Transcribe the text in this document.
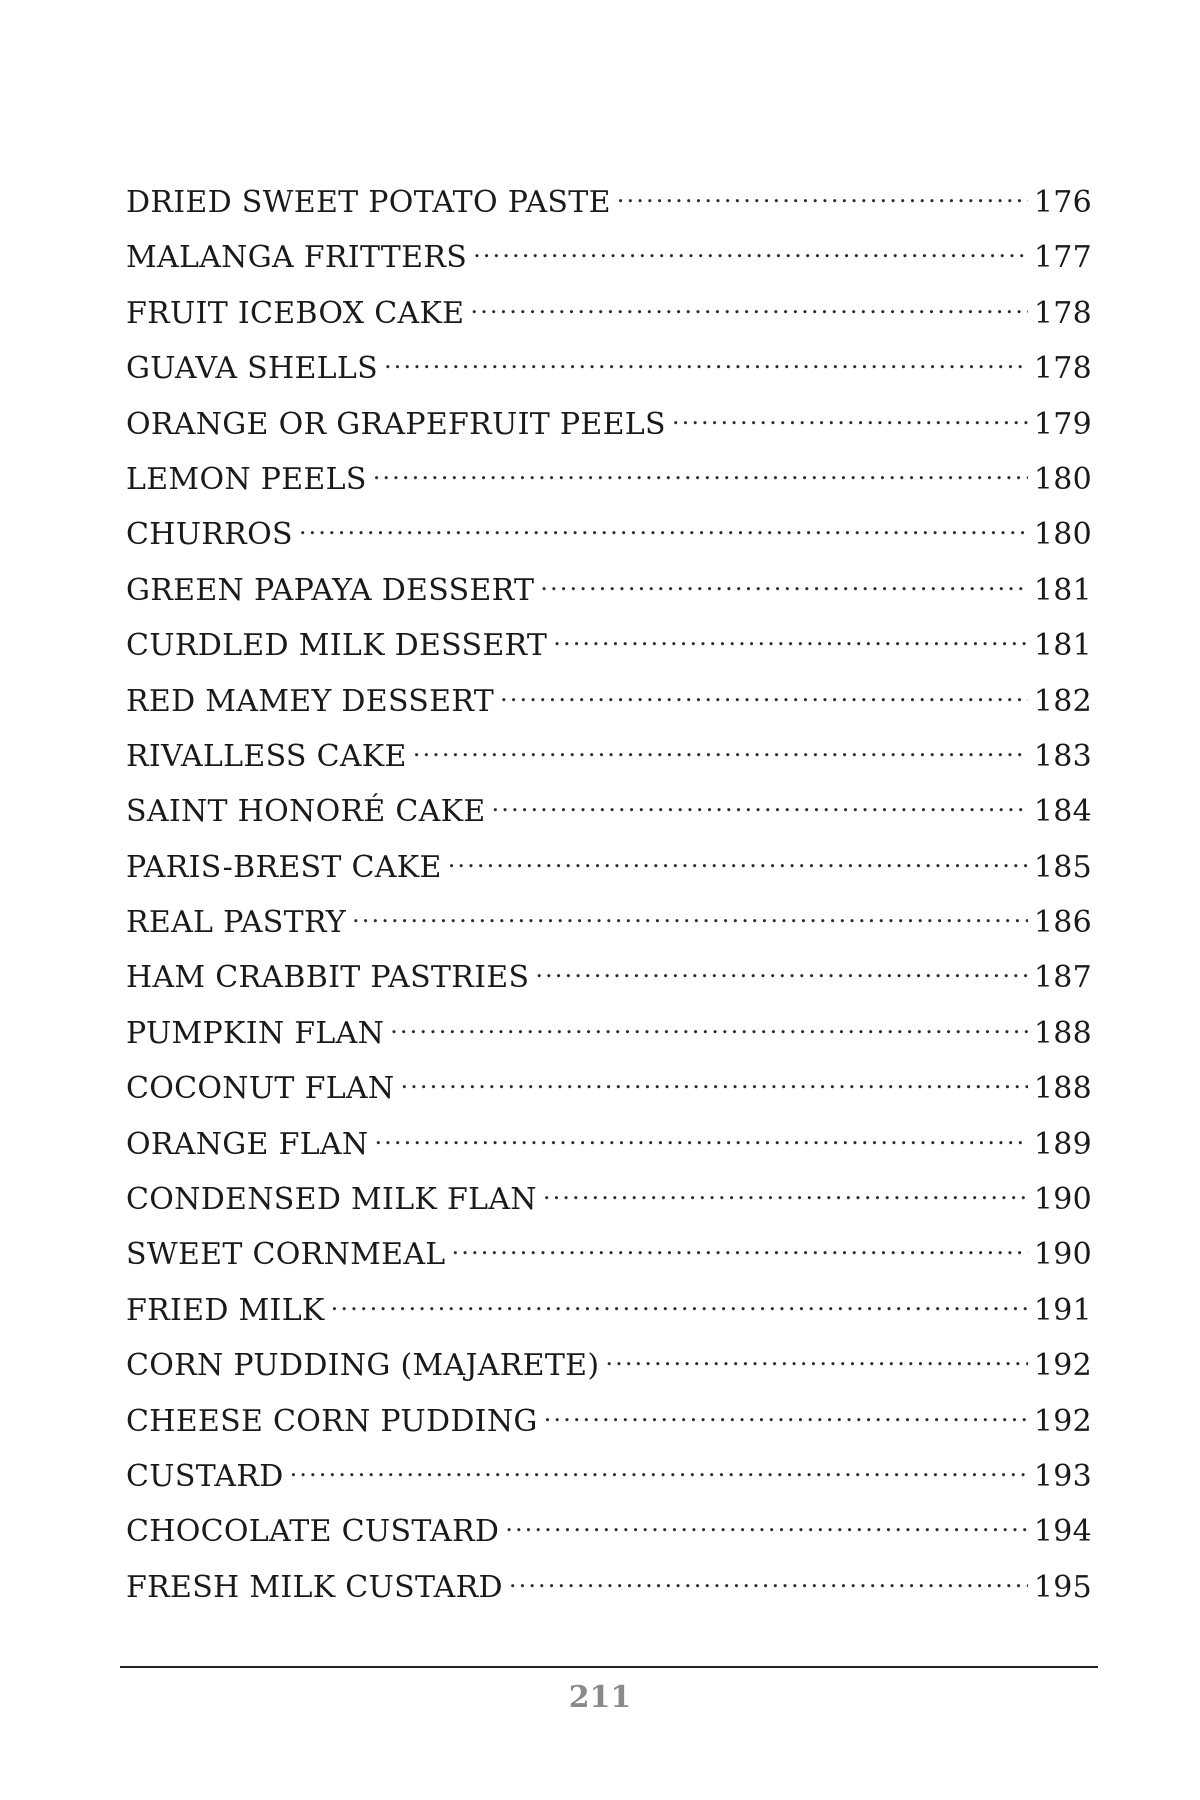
DRIED SWEET POTATO PASTE .....	176
MALANGA FRITTERS .....	177
FRUIT ICEBOX CAKE .....	178
GUAVA SHELLS .....	178
ORANGE OR GRAPEFRUIT PEELS .....	179
LEMON PEELS .....	180
CHURROS .....	180
GREEN PAPAYA DESSERT .....	181
CURDLED MILK DESSERT .....	181
RED MAMEY DESSERT .....	182
RIVALLESS CAKE .....	183
SAINT HONORÉ CAKE .....	184
PARIS-BREST CAKE .....	185
REAL PASTRY .....	186
HAM CRABBIT PASTRIES .....	187
PUMPKIN FLAN .....	188
COCONUT FLAN .....	188
ORANGE FLAN .....	189
CONDENSED MILK FLAN .....	190
SWEET CORNMEAL .....	190
FRIED MILK .....	191
CORN PUDDING (MAJARETE) .....	192
CHEESE CORN PUDDING .....	192
CUSTARD .....	193
CHOCOLATE CUSTARD .....	194
FRESH MILK CUSTARD .....	195
211
